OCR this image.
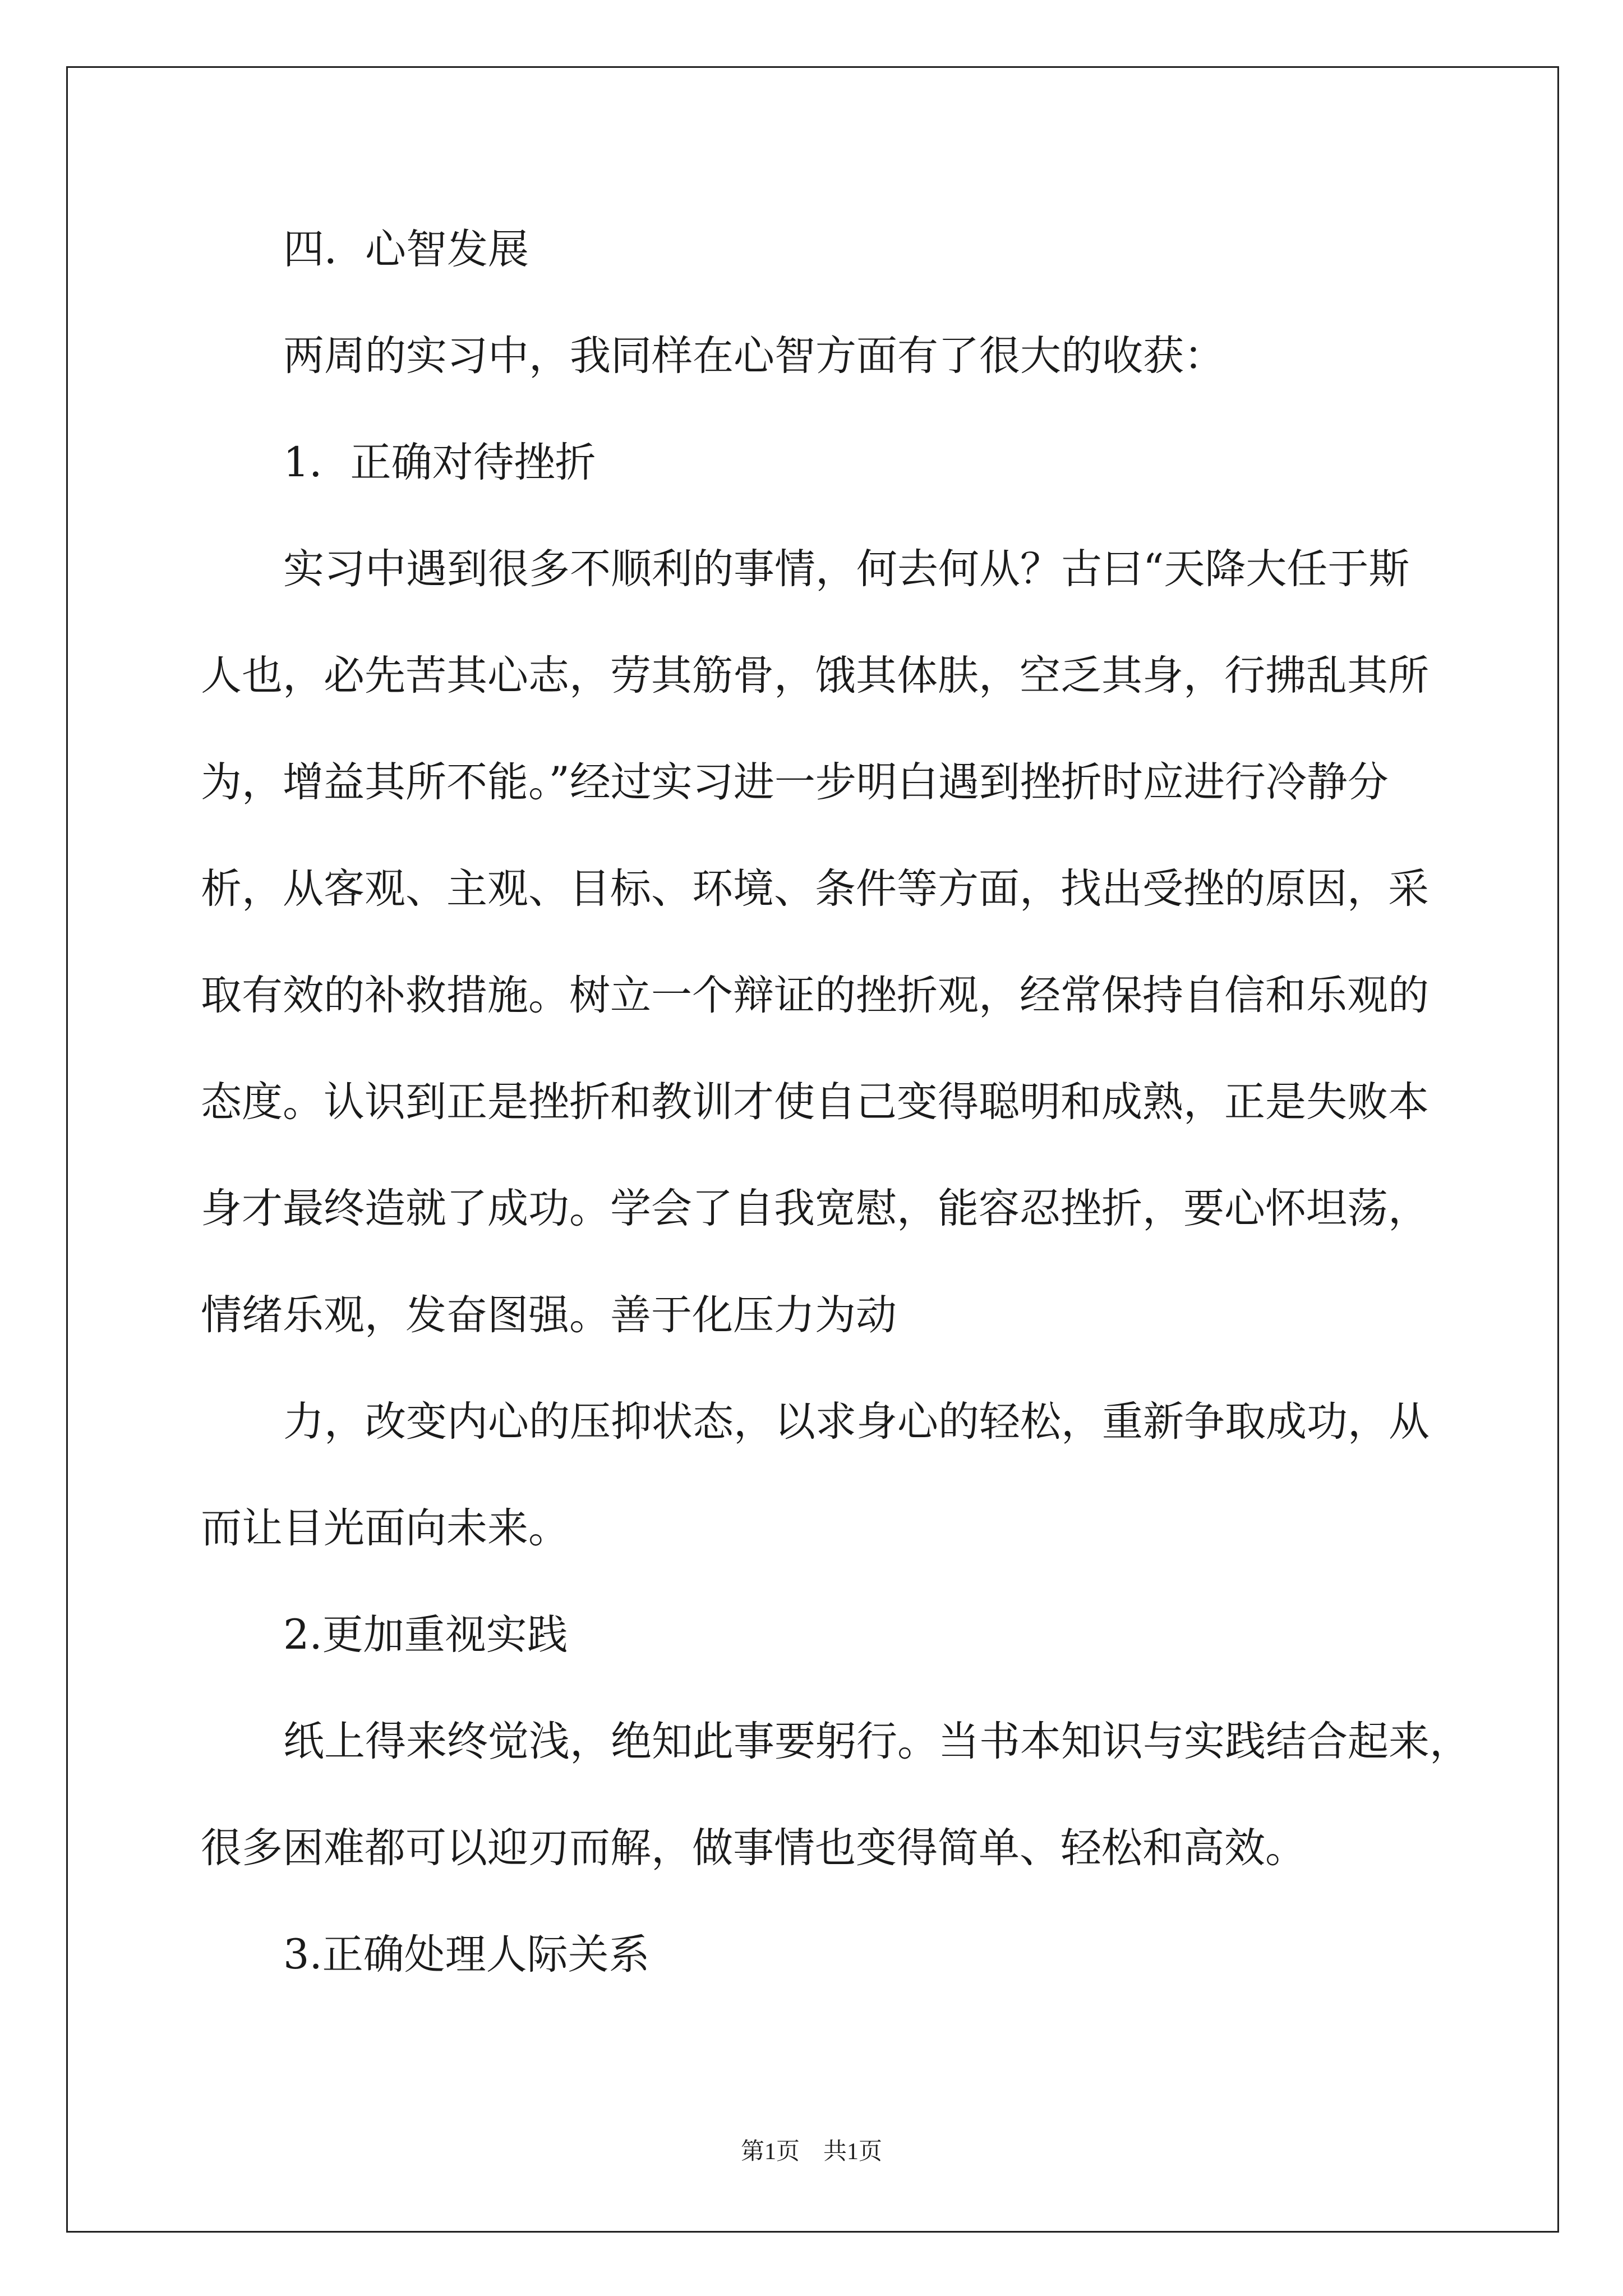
四．心智发展
两周的实习中，我同样在心智方面有了很大的收获：
1．正确对待挫折
实习中遇到很多不顺利的事情，何去何从？古曰“天降大任于斯
人也，必先苦其心志，劳其筋骨，饿其体肤，空乏其身，行拂乱其所
为，增益其所不能。”经过实习进一步明白遇到挫折时应进行冷静分
析，从客观、主观、目标、环境、条件等方面，找出受挫的原因，采
取有效的补救措施。树立一个辩证的挫折观，经常保持自信和乐观的
态度。认识到正是挫折和教训才使自己变得聪明和成熟，正是失败本
身才最终造就了成功。学会了自我宽慰，能容忍挫折，要心怀坦荡，
情绪乐观，发奋图强。善于化压力为动
力，改变内心的压抑状态，以求身心的轻松，重新争取成功，从
而让目光面向未来。
2.更加重视实践
纸上得来终觉浅，绝知此事要躬行。当书本知识与实践结合起来，
很多困难都可以迎刃而解，做事情也变得简单、轻松和高效。
3.正确处理人际关系
第1页　共1页
